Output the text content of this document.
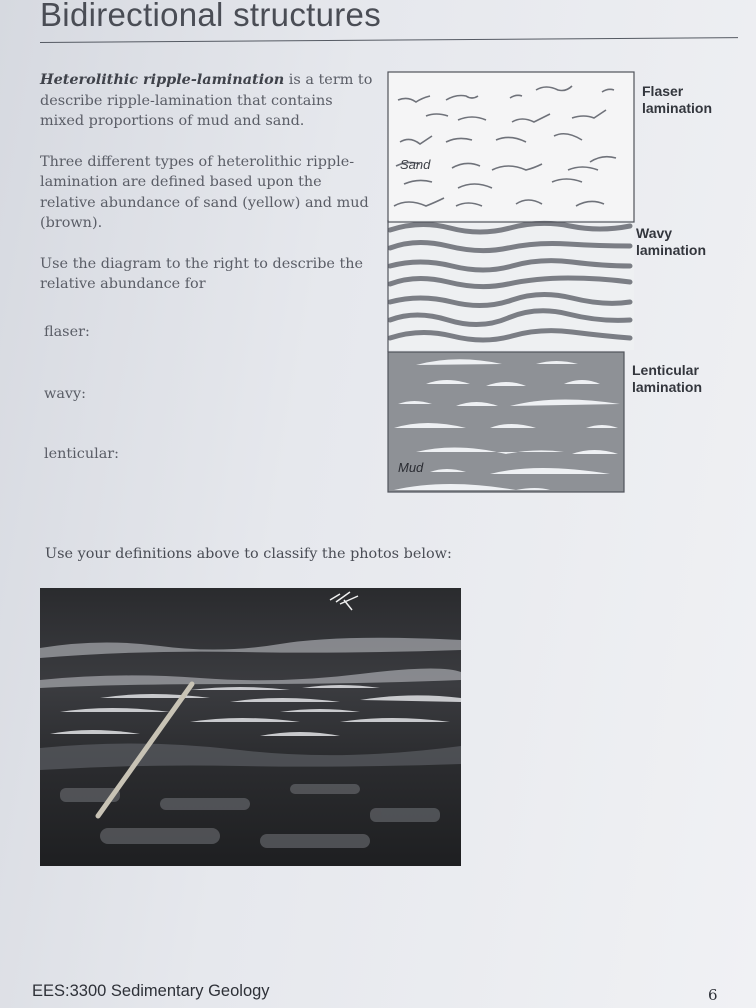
Bidirectional structures

Heterolithic ripple-lamination is a term to describe ripple-lamination that contains mixed proportions of mud and sand.

Three different types of heterolithic ripple-lamination are defined based upon the relative abundance of sand (yellow) and mud (brown).

Use the diagram to the right to describe the relative abundance for

flaser:
wavy:
lenticular:
Sand
Mud
Flaser
lamination
Wavy
lamination
Lenticular
lamination
Use your definitions above to classify the photos below:
EES:3300 Sedimentary Geology	6
